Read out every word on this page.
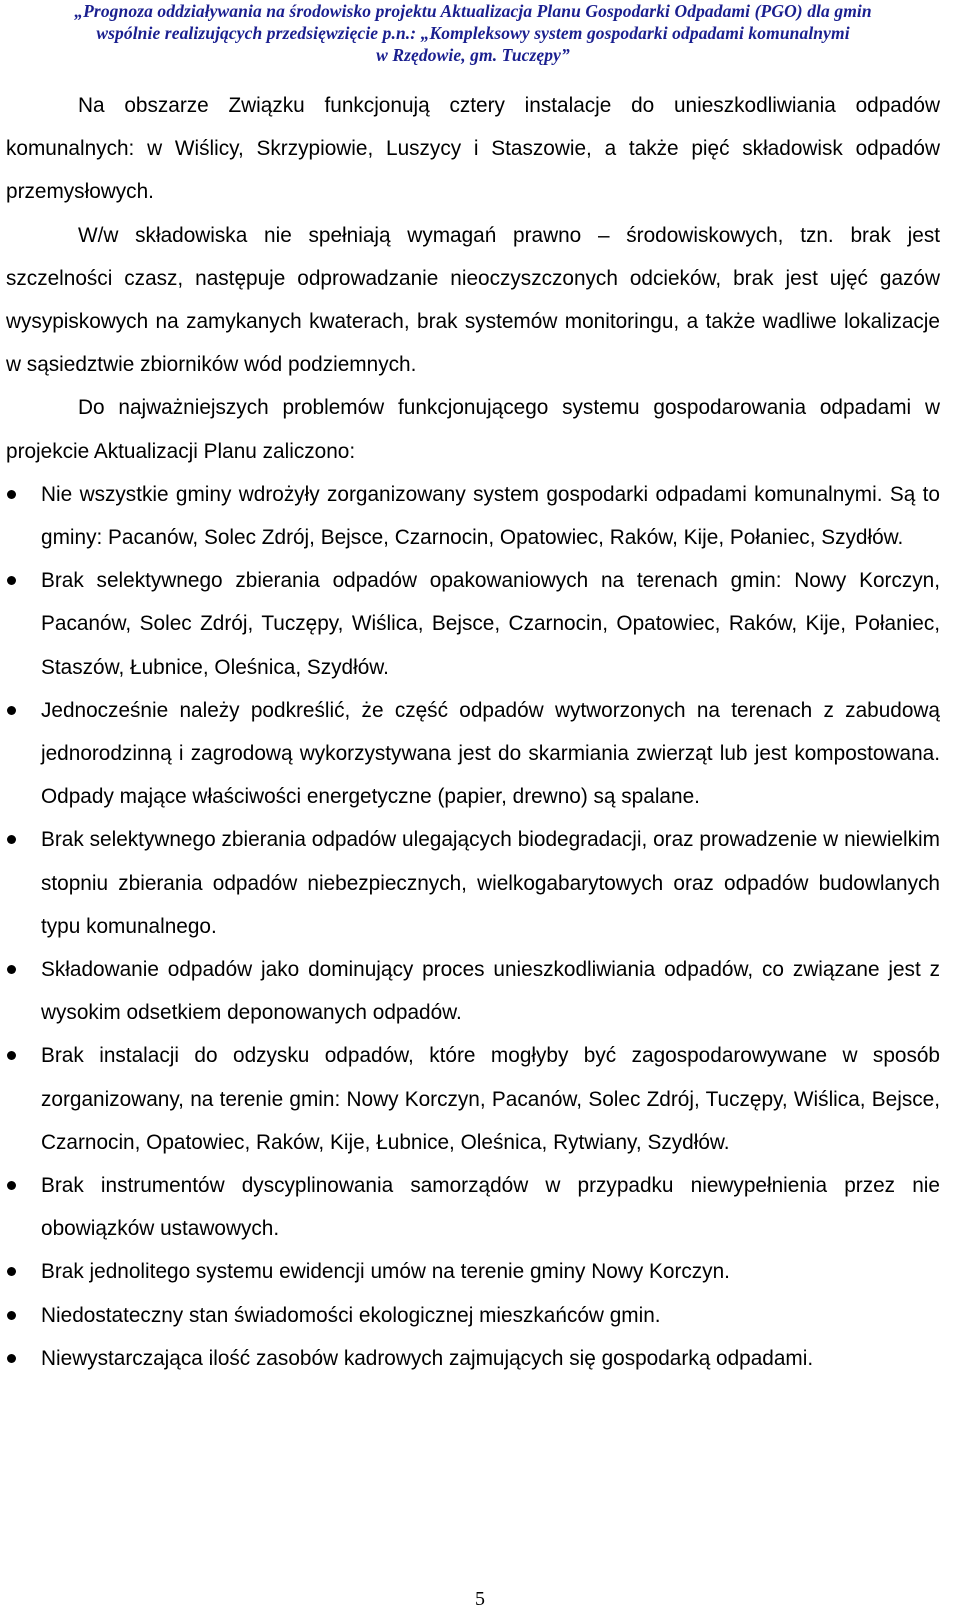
„Prognoza oddziaływania na środowisko projektu Aktualizacja Planu Gospodarki Odpadami (PGO) dla gmin
wspólnie realizujących przedsięwzięcie p.n.: „Kompleksowy system gospodarki odpadami komunalnymi
w Rzędowie, gm. Tuczępy”

Na obszarze Związku funkcjonują cztery instalacje do unieszkodliwiania odpadów komunalnych: w Wiślicy, Skrzypiowie, Luszycy i Staszowie, a także pięć składowisk odpadów przemysłowych.

W/w składowiska nie spełniają wymagań prawno – środowiskowych, tzn. brak jest szczelności czasz, następuje odprowadzanie nieoczyszczonych odcieków, brak jest ujęć gazów wysypiskowych na zamykanych kwaterach, brak systemów monitoringu, a także wadliwe lokalizacje w sąsiedztwie zbiorników wód podziemnych.

Do najważniejszych problemów funkcjonującego systemu gospodarowania odpadami w projekcie Aktualizacji Planu zaliczono:

Nie wszystkie gminy wdrożyły zorganizowany system gospodarki odpadami komunalnymi. Są to gminy: Pacanów, Solec Zdrój, Bejsce, Czarnocin, Opatowiec, Raków, Kije, Połaniec, Szydłów.
Brak selektywnego zbierania odpadów opakowaniowych na terenach gmin: Nowy Korczyn, Pacanów, Solec Zdrój, Tuczępy, Wiślica, Bejsce, Czarnocin, Opatowiec, Raków, Kije, Połaniec, Staszów, Łubnice, Oleśnica, Szydłów.
Jednocześnie należy podkreślić, że część odpadów wytworzonych na terenach z zabudową jednorodzinną i zagrodową wykorzystywana jest do skarmiania zwierząt lub jest kompostowana. Odpady mające właściwości energetyczne (papier, drewno) są spalane.
Brak selektywnego zbierania odpadów ulegających biodegradacji, oraz prowadzenie w niewielkim stopniu zbierania odpadów niebezpiecznych, wielkogabarytowych oraz odpadów budowlanych typu komunalnego.
Składowanie odpadów jako dominujący proces unieszkodliwiania odpadów, co związane jest z wysokim odsetkiem deponowanych odpadów.
Brak instalacji do odzysku odpadów, które mogłyby być zagospodarowywane w sposób zorganizowany, na terenie gmin: Nowy Korczyn, Pacanów, Solec Zdrój, Tuczępy, Wiślica, Bejsce, Czarnocin, Opatowiec, Raków, Kije, Łubnice, Oleśnica, Rytwiany, Szydłów.
Brak instrumentów dyscyplinowania samorządów w przypadku niewypełnienia przez nie obowiązków ustawowych.
Brak jednolitego systemu ewidencji umów na terenie gminy Nowy Korczyn.
Niedostateczny stan świadomości ekologicznej mieszkańców gmin.
Niewystarczająca ilość zasobów kadrowych zajmujących się gospodarką odpadami.
5
